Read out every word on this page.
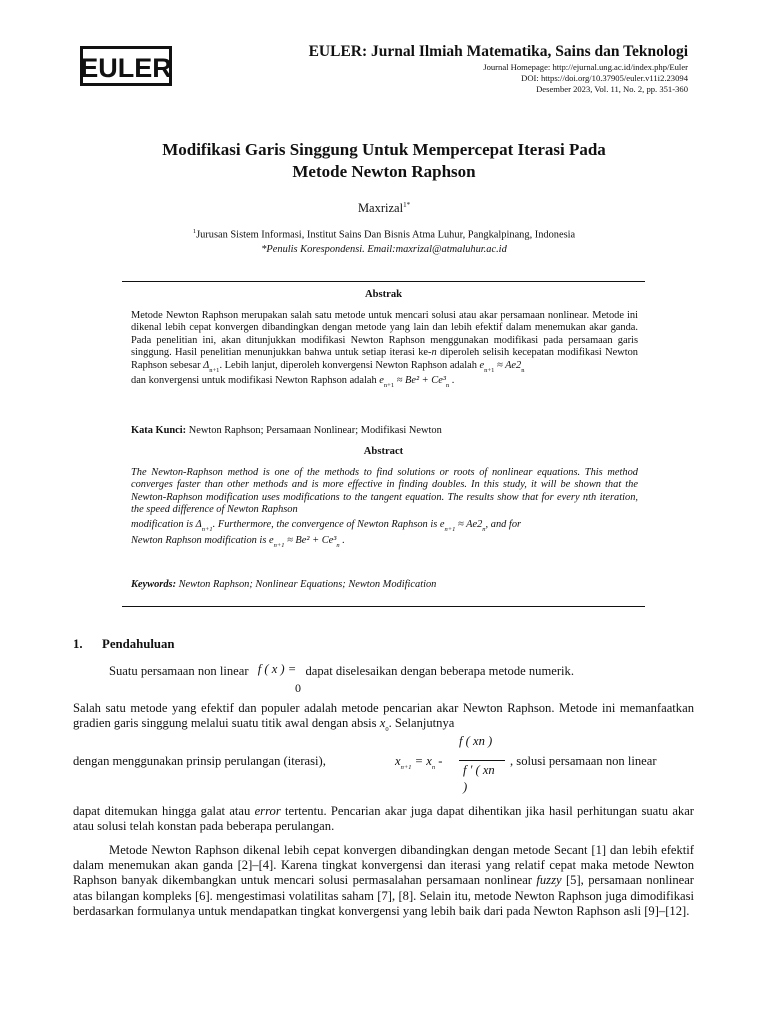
EULER
EULER: Jurnal Ilmiah Matematika, Sains dan Teknologi
Journal Homepage: http://ejurnal.ung.ac.id/index.php/Euler
DOI: https://doi.org/10.37905/euler.v11i2.23094
Desember 2023, Vol. 11, No. 2, pp. 351-360
Modifikasi Garis Singgung Untuk Mempercepat Iterasi Pada
Metode Newton Raphson
Maxrizal$^{1*}$
$^1$Jurusan Sistem Informasi, Institut Sains Dan Bisnis Atma Luhur, Pangkalpinang, Indonesia
*Penulis Korespondensi. Email:maxrizal@atmaluhur.ac.id
Abstrak
Metode Newton Raphson merupakan salah satu metode untuk mencari solusi atau akar persamaan nonlinear. Metode ini dikenal lebih cepat konvergen dibandingkan dengan metode yang lain dan lebih efektif dalam menemukan akar ganda. Pada penelitian ini, akan ditunjukkan modifikasi Newton Raphson menggunakan modifikasi pada persamaan garis singgung. Hasil penelitian menunjukkan bahwa untuk setiap iterasi ke-n diperoleh selisih kecepatan modifikasi Newton Raphson sebesar $\Delta_{n+1}$. Lebih lanjut, diperoleh konvergensi Newton Raphson adalah $e_{n+1} \approx Ae2_n$
dan konvergensi untuk modifikasi Newton Raphson adalah $e_{n+1} \approx Be^2 + Ce^3_n$ .
Kata Kunci: Newton Raphson; Persamaan Nonlinear; Modifikasi Newton
Abstract
The Newton-Raphson method is one of the methods to find solutions or roots of nonlinear equations. This method converges faster than other methods and is more effective in finding doubles. In this study, it will be shown that the Newton-Raphson modification uses modifications to the tangent equation. The results show that for every nth iteration, the speed difference of Newton Raphson
modification is $\Delta_{n+1}$. Furthermore, the convergence of Newton Raphson is $e_{n+1} \approx Ae2_n$, and for
Newton Raphson modification is $e_{n+1} \approx Be^2 + Ce^3_n$ .
Keywords: Newton Raphson; Nonlinear Equations; Newton Modification
1. Pendahuluan
Suatu persamaan non linear f ( x ) = dapat diselesaikan dengan beberapa metode numerik.
0
Salah satu metode yang efektif dan populer adalah metode pencarian akar Newton Raphson. Metode ini memanfaatkan gradien garis singgung melalui suatu titik awal dengan absis $x_0$. Selanjutnya
dengan menggunakan prinsip perulangan (iterasi),	$x_{n+1} = x_n$ -
f ( xn )
f ' ( xn
)
, solusi persamaan non linear
dapat ditemukan hingga galat atau error tertentu. Pencarian akar juga dapat dihentikan jika hasil perhitungan suatu akar atau solusi telah konstan pada beberapa perulangan.
Metode Newton Raphson dikenal lebih cepat konvergen dibandingkan dengan metode Secant [1] dan lebih efektif dalam menemukan akan ganda [2]–[4]. Karena tingkat konvergensi dan iterasi yang relatif cepat maka metode Newton Raphson banyak dikembangkan untuk mencari solusi permasalahan persamaan nonlinear fuzzy [5], persamaan nonlinear atas bilangan kompleks [6]. mengestimasi volatilitas saham [7], [8]. Selain itu, metode Newton Raphson juga dimodifikasi berdasarkan formulanya untuk mendapatkan tingkat konvergensi yang lebih baik dari pada Newton Raphson asli [9]–[12].
